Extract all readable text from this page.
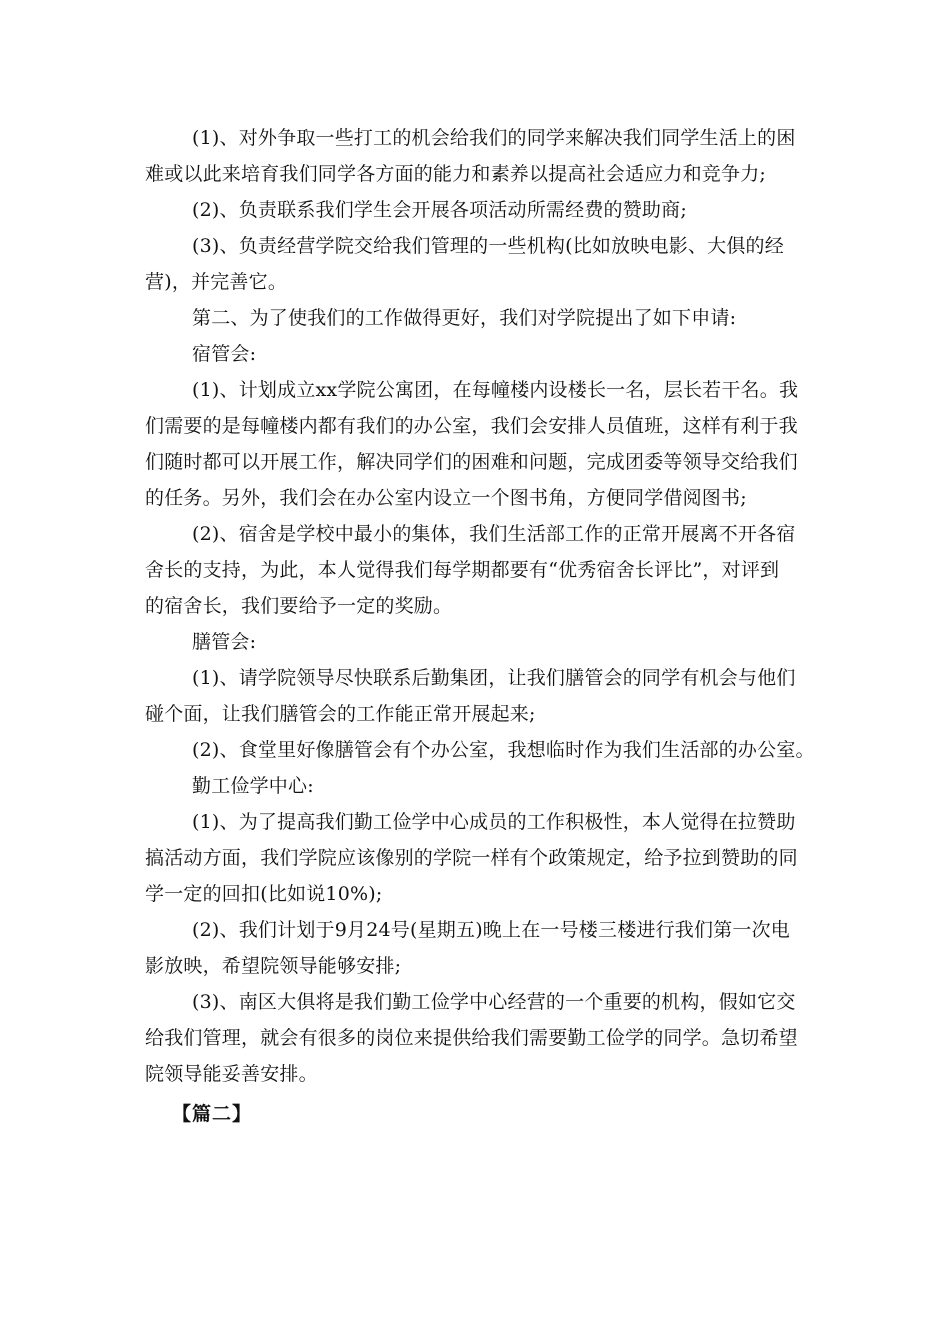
(1)、对外争取一些打工的机会给我们的同学来解决我们同学生活上的困
难或以此来培育我们同学各方面的能力和素养以提高社会适应力和竞争力;
(2)、负责联系我们学生会开展各项活动所需经费的赞助商;
(3)、负责经营学院交给我们管理的一些机构(比如放映电影、大俱的经
营)，并完善它。
第二、为了使我们的工作做得更好，我们对学院提出了如下申请:
宿管会:
(1)、计划成立xx学院公寓团，在每幢楼内设楼长一名，层长若干名。我
们需要的是每幢楼内都有我们的办公室，我们会安排人员值班，这样有利于我
们随时都可以开展工作，解决同学们的困难和问题，完成团委等领导交给我们
的任务。另外，我们会在办公室内设立一个图书角，方便同学借阅图书;
(2)、宿舍是学校中最小的集体，我们生活部工作的正常开展离不开各宿
舍长的支持，为此，本人觉得我们每学期都要有“优秀宿舍长评比”，对评到
的宿舍长，我们要给予一定的奖励。
膳管会:
(1)、请学院领导尽快联系后勤集团，让我们膳管会的同学有机会与他们
碰个面，让我们膳管会的工作能正常开展起来;
(2)、食堂里好像膳管会有个办公室，我想临时作为我们生活部的办公室。
勤工俭学中心:
(1)、为了提高我们勤工俭学中心成员的工作积极性，本人觉得在拉赞助
搞活动方面，我们学院应该像别的学院一样有个政策规定，给予拉到赞助的同
学一定的回扣(比如说10%);
(2)、我们计划于9月24号(星期五)晚上在一号楼三楼进行我们第一次电
影放映，希望院领导能够安排;
(3)、南区大俱将是我们勤工俭学中心经营的一个重要的机构，假如它交
给我们管理，就会有很多的岗位来提供给我们需要勤工俭学的同学。急切希望
院领导能妥善安排。
【篇二】
